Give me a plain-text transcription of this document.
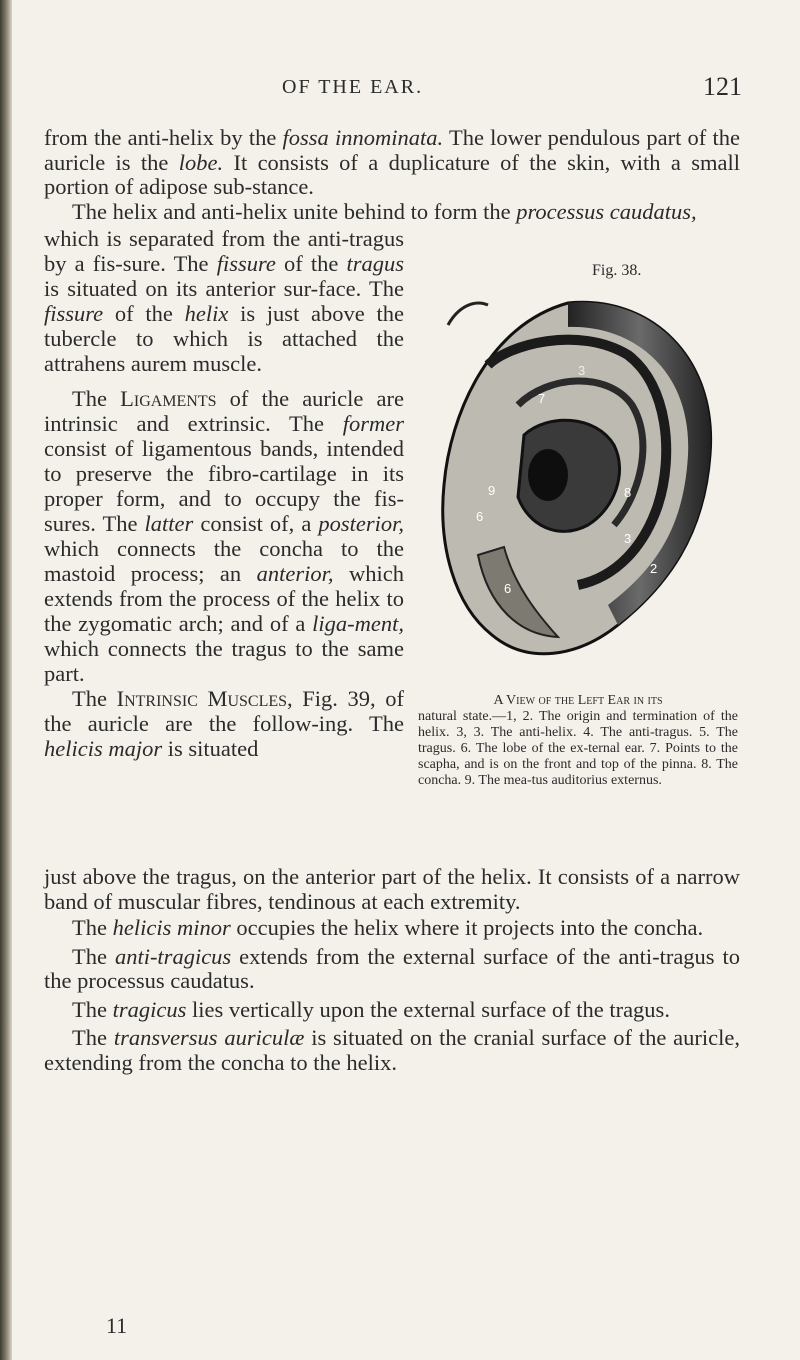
OF THE EAR.	121

from the anti-helix by the fossa innominata. The lower pendulous part of the auricle is the lobe. It consists of a duplicature of the skin, with a small portion of adipose sub-stance.

The helix and anti-helix unite behind to form the processus caudatus,

which is separated from the anti-tragus by a fis-sure. The fissure of the tragus is situated on its anterior sur-face. The fissure of the helix is just above the tubercle to which is attached the attrahens aurem muscle.

The Ligaments of the auricle are intrinsic and extrinsic. The former consist of ligamentous bands, intended to preserve the fibro-cartilage in its proper form, and to occupy the fis-sures. The latter consist of, a posterior, which connects the concha to the mastoid process; an anterior, which extends from the process of the helix to the zygomatic arch; and of a liga-ment, which connects the tragus to the same part.

The Intrinsic Muscles, Fig. 39, of the auricle are the follow-ing. The helicis major is situated

Fig. 38.
3
7
9
6
8
3
2
6
A View of the Left Ear in its
natural state.—1, 2. The origin and termination of the helix. 3, 3. The anti-helix. 4. The anti-tragus. 5. The tragus. 6. The lobe of the ex-ternal ear. 7. Points to the scapha, and is on the front and top of the pinna. 8. The concha. 9. The mea-tus auditorius externus.

just above the tragus, on the anterior part of the helix. It consists of a narrow band of muscular fibres, tendinous at each extremity.

The helicis minor occupies the helix where it projects into the concha.

The anti-tragicus extends from the external surface of the anti-tragus to the processus caudatus.

The tragicus lies vertically upon the external surface of the tragus.

The transversus auriculæ is situated on the cranial surface of the auricle, extending from the concha to the helix.

11
